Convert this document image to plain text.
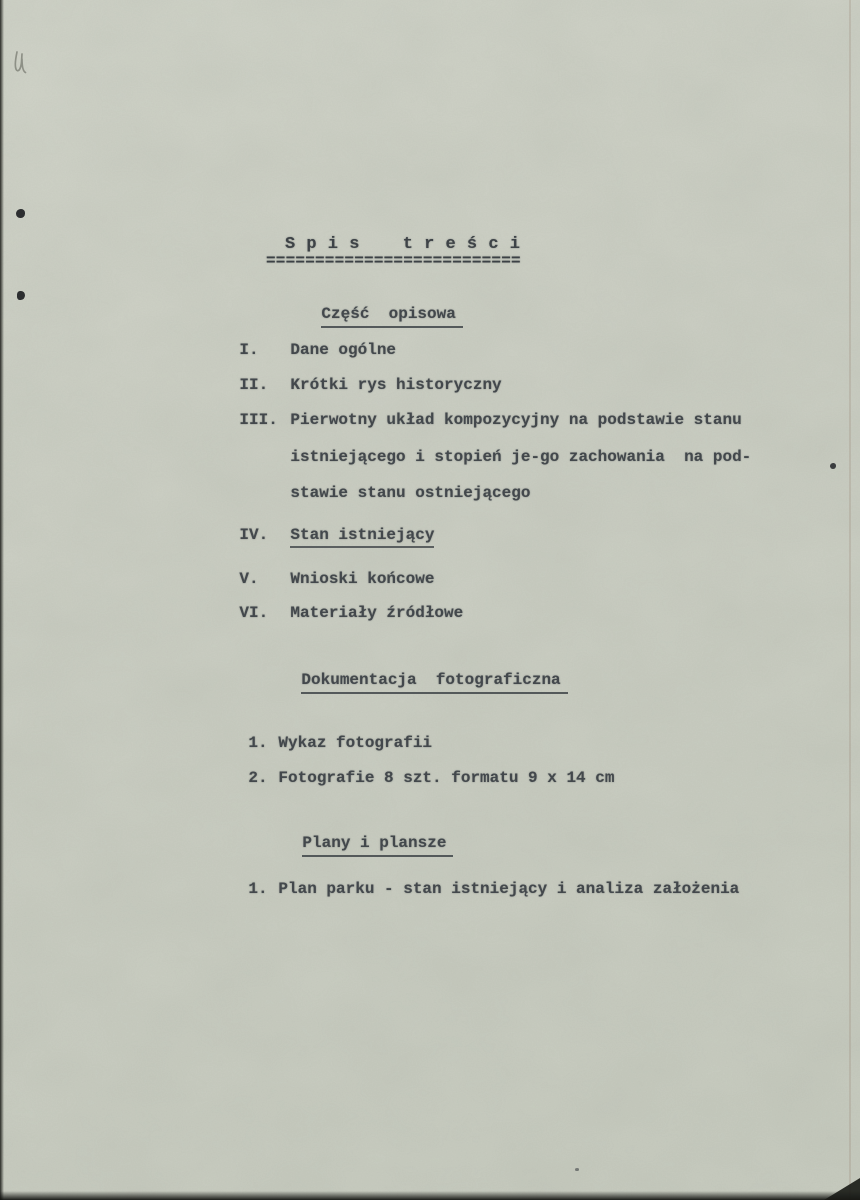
S p i s    t r e ś c i
==========================

Część  opisowa

I. Dane ogólne

II. Krótki rys historyczny

III. Pierwotny układ kompozycyjny na podstawie stanu

istniejącego i stopień je-go zachowania  na pod-

stawie stanu ostniejącego

IV. Stan istniejący

V. Wnioski końcowe

VI. Materiały źródłowe

Dokumentacja  fotograficzna

1. Wykaz fotografii

2. Fotografie 8 szt. formatu 9 x 14 cm

Plany i plansze

1. Plan parku - stan istniejący i analiza założenia
